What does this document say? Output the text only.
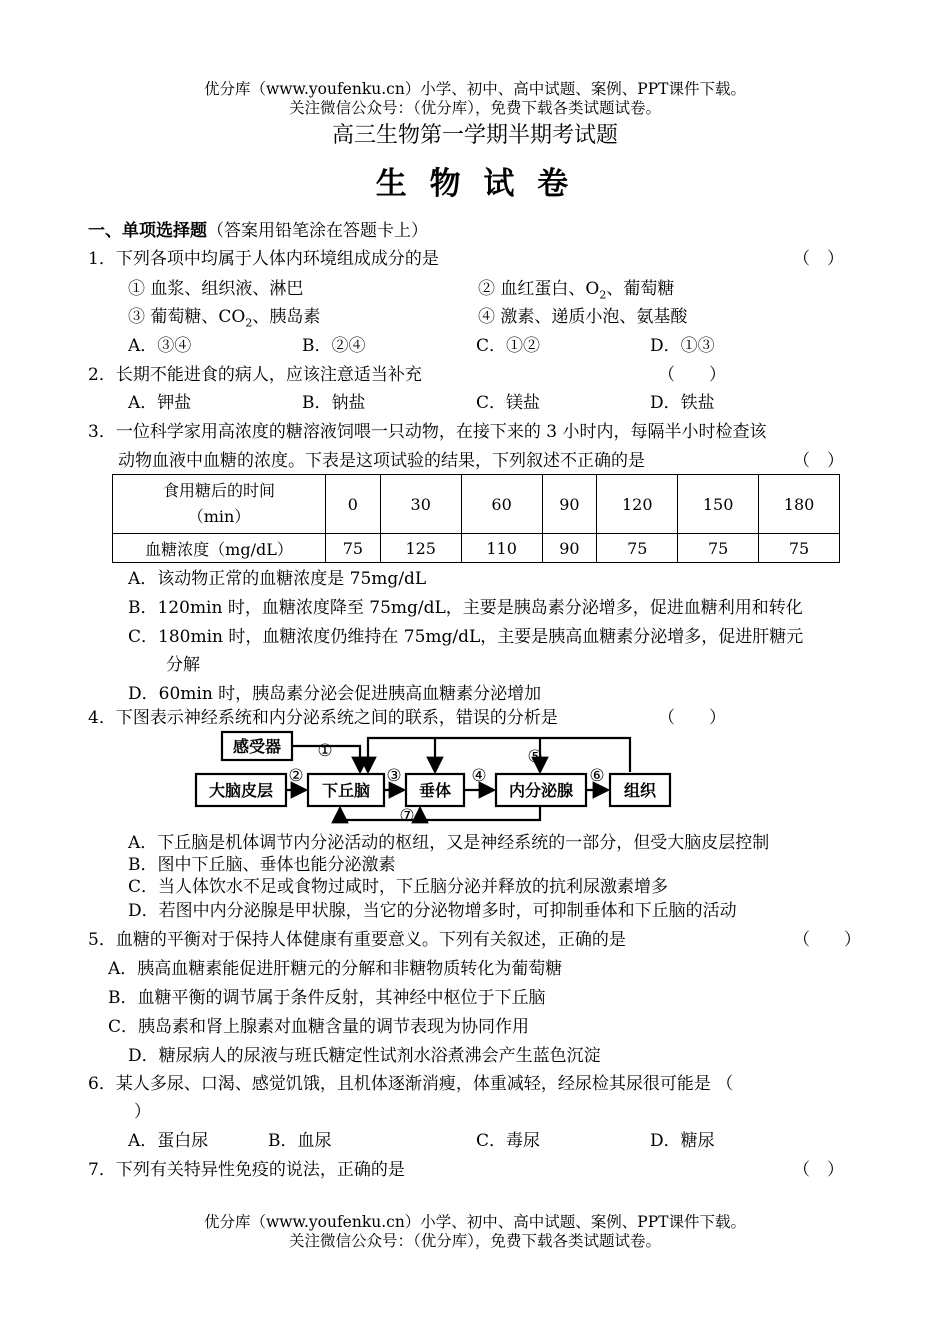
优分库（www.youfenku.cn）小学、初中、高中试题、案例、PPT课件下载。
关注微信公众号：（优分库），免费下载各类试题试卷。
高三生物第一学期半期考试题
生 物 试 卷
一、单项选择题（答案用铅笔涂在答题卡上）
1．下列各项中均属于人体内环境组成成分的是	（　）
① 血浆、组织液、淋巴	② 血红蛋白、$O_2$、葡萄糖
③ 葡萄糖、$CO_2$、胰岛素	④ 激素、递质小泡、氨基酸
A．③④	B．②④	C．①②	D．①③
2．长期不能进食的病人，应该注意适当补充	（　　）
A．钾盐	B．钠盐	C．镁盐	D．铁盐
3．一位科学家用高浓度的糖溶液饲喂一只动物，在接下来的 3 小时内，每隔半小时检查该
动物血液中血糖的浓度。下表是这项试验的结果，下列叙述不正确的是	（　）
食用糖后的时间
（min）	0	30	60	90	120	150	180
血糖浓度（mg/dL）	75	125	110	90	75	75	75
A．该动物正常的血糖浓度是 75mg/dL
B．120min 时，血糖浓度降至 75mg/dL，主要是胰岛素分泌增多，促进血糖利用和转化
C．180min 时，血糖浓度仍维持在 75mg/dL，主要是胰高血糖素分泌增多，促进肝糖元
分解
D．60min 时，胰岛素分泌会促进胰高血糖素分泌增加
4．下图表示神经系统和内分泌系统之间的联系，错误的分析是	（　　）
感受器
大脑皮层	下丘脑	垂体	内分泌腺	组织
①
②	③	④
⑤
⑥
⑦
A．下丘脑是机体调节内分泌活动的枢纽，又是神经系统的一部分，但受大脑皮层控制
B．图中下丘脑、垂体也能分泌激素
C．当人体饮水不足或食物过咸时，下丘脑分泌并释放的抗利尿激素增多
D．若图中内分泌腺是甲状腺，当它的分泌物增多时，可抑制垂体和下丘脑的活动
5．血糖的平衡对于保持人体健康有重要意义。下列有关叙述，正确的是	（　　）
A．胰高血糖素能促进肝糖元的分解和非糖物质转化为葡萄糖
B．血糖平衡的调节属于条件反射，其神经中枢位于下丘脑
C．胰岛素和肾上腺素对血糖含量的调节表现为协同作用
D．糖尿病人的尿液与班氏糖定性试剂水浴煮沸会产生蓝色沉淀
6．某人多尿、口渴、感觉饥饿，且机体逐渐消瘦，体重减轻，经尿检其尿很可能是 （
）
A．蛋白尿	B．血尿	C．毒尿	D．糖尿
7．下列有关特异性免疫的说法，正确的是	（　）
优分库（www.youfenku.cn）小学、初中、高中试题、案例、PPT课件下载。
关注微信公众号：（优分库），免费下载各类试题试卷。
